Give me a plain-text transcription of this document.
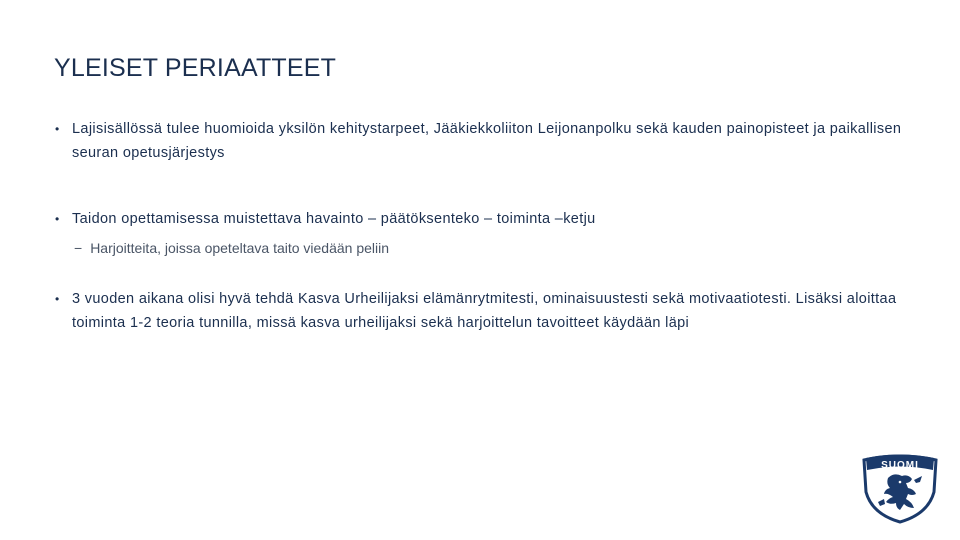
YLEISET PERIAATTEET
• Lajisisällössä tulee huomioida yksilön kehitystarpeet, Jääkiekkoliiton Leijonanpolku sekä kauden painopisteet ja paikallisen seuran opetusjärjestys
• Taidon opettamisessa muistettava havainto – päätöksenteko – toiminta –ketju
− Harjoitteita, joissa opeteltava taito viedään peliin
• 3 vuoden aikana olisi hyvä tehdä Kasva Urheilijaksi elämänrytmitesti, ominaisuustesti sekä motivaatiotesti. Lisäksi aloittaa toiminta 1-2 teoria tunnilla, missä kasva urheilijaksi sekä harjoittelun tavoitteet käydään läpi
SUOMI
